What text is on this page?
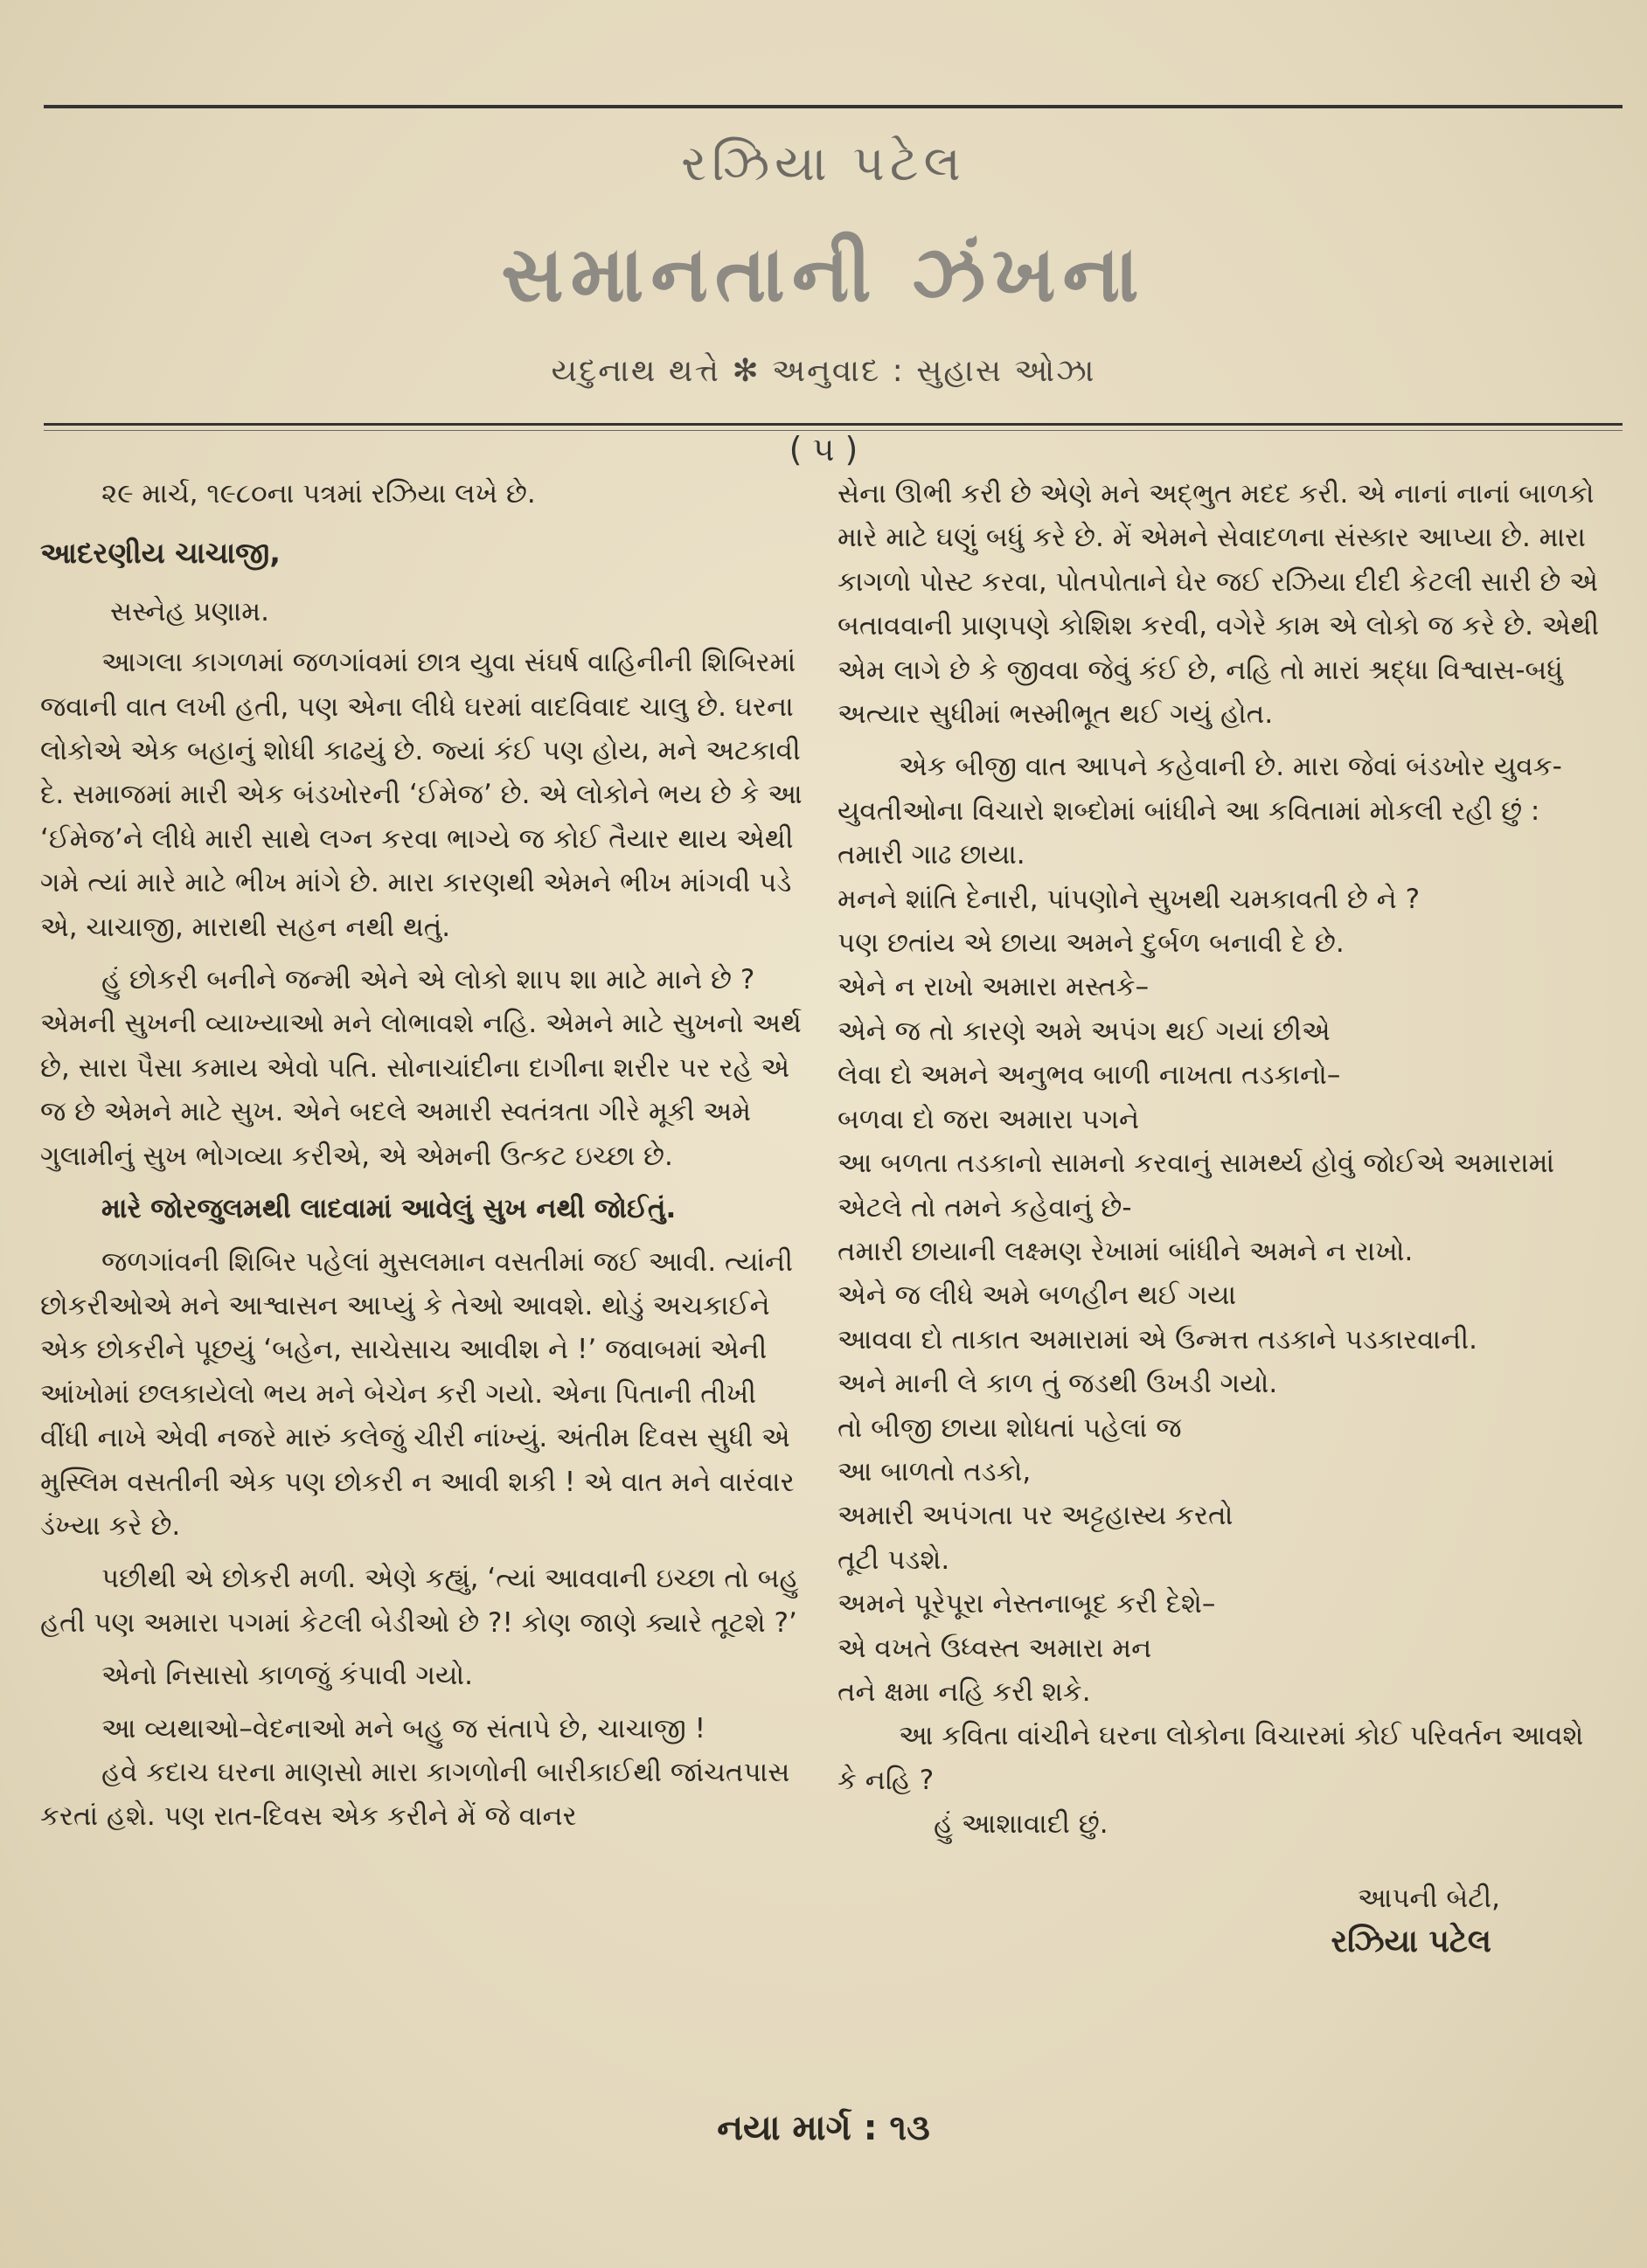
રઝિયા પટેલ
સમાનતાની ઝંખના
યદુનાથ થત્તે ✻ અનુવાદ : સુહાસ ઓઝા
( ૫ )

૨૯ માર્ચ, ૧૯૮૦ના પત્રમાં રઝિયા લખે છે.

આદરણીય ચાચાજી,

સસ્નેહ પ્રણામ.

આગલા કાગળમાં જળગાંવમાં છાત્ર યુવા સંઘર્ષ વાહિનીની શિબિરમાં જવાની વાત લખી હતી, પણ એના લીધે ઘરમાં વાદવિવાદ ચાલુ છે. ઘરના લોકોએ એક બહાનું શોધી કાઢયું છે. જ્યાં કંઈ પણ હોય, મને અટકાવી દે. સમાજમાં મારી એક બંડખોરની ‘ઈમેજ’ છે. એ લોકોને ભય છે કે આ ‘ઈમેજ’ને લીધે મારી સાથે લગ્ન કરવા ભાગ્યે જ કોઈ તૈયાર થાય એથી ગમે ત્યાં મારે માટે ભીખ માંગે છે. મારા કારણથી એમને ભીખ માંગવી પડે એ, ચાચાજી, મારાથી સહન નથી થતું.

હું છોકરી બનીને જન્મી એને એ લોકો શાપ શા માટે માને છે ? એમની સુખની વ્યાખ્યાઓ મને લોભાવશે નહિ. એમને માટે સુખનો અર્થ છે, સારા પૈસા કમાય એવો પતિ. સોનાચાંદીના દાગીના શરીર પર રહે એ જ છે એમને માટે સુખ. એને બદલે અમારી સ્વતંત્રતા ગીરે મૂકી અમે ગુલામીનું સુખ ભોગવ્યા કરીએ, એ એમની ઉત્કટ ઇચ્છા છે.

મારે જોરજુલમથી લાદવામાં આવેલું સુખ નથી જોઈતું.

જળગાંવની શિબિર પહેલાં મુસલમાન વસતીમાં જઈ આવી. ત્યાંની છોકરીઓએ મને આશ્વાસન આપ્યું કે તેઓ આવશે. થોડું અચકાઈને એક છોકરીને પૂછયું ‘બહેન, સાચેસાચ આવીશ ને !’ જવાબમાં એની આંખોમાં છલકાયેલો ભય મને બેચેન કરી ગયો. એના પિતાની તીખી વીંધી નાખે એવી નજરે મારું કલેજું ચીરી નાંખ્યું. અંતીમ દિવસ સુધી એ મુસ્લિમ વસતીની એક પણ છોકરી ન આવી શકી ! એ વાત મને વારંવાર ડંખ્યા કરે છે.

પછીથી એ છોકરી મળી. એણે કહ્યું, ‘ત્યાં આવવાની ઇચ્છા તો બહુ હતી પણ અમારા પગમાં કેટલી બેડીઓ છે ?! કોણ જાણે ક્યારે તૂટશે ?’

એનો નિસાસો કાળજું કંપાવી ગયો.

આ વ્યથાઓ–વેદનાઓ મને બહુ જ સંતાપે છે, ચાચાજી !

હવે કદાચ ઘરના માણસો મારા કાગળોની બારીકાઈથી જાંચતપાસ કરતાં હશે. પણ રાત-દિવસ એક કરીને મેં જે વાનર

સેના ઊભી કરી છે એણે મને અદ્ભુત મદદ કરી. એ નાનાં નાનાં બાળકો મારે માટે ઘણું બધું કરે છે. મેં એમને સેવાદળના સંસ્કાર આપ્યા છે. મારા કાગળો પોસ્ટ કરવા, પોતપોતાને ઘેર જઈ રઝિયા દીદી કેટલી સારી છે એ બતાવવાની પ્રાણપણે કોશિશ કરવી, વગેરે કામ એ લોકો જ કરે છે. એથી એમ લાગે છે કે જીવવા જેવું કંઈ છે, નહિ તો મારાં શ્રદ્ધા વિશ્વાસ-બધું અત્યાર સુધીમાં ભસ્મીભૂત થઈ ગયું હોત.

એક બીજી વાત આપને કહેવાની છે. મારા જેવાં બંડખોર યુવક-યુવતીઓના વિચારો શબ્દોમાં બાંધીને આ કવિતામાં મોકલી રહી છું :

તમારી ગાઢ છાયા.

મનને શાંતિ દેનારી, પાંપણોને સુખથી ચમકાવતી છે ને ?

પણ છતાંય એ છાયા અમને દુર્બળ બનાવી દે છે.

એને ન રાખો અમારા મસ્તકે–

એને જ તો કારણે અમે અપંગ થઈ ગયાં છીએ

લેવા દો અમને અનુભવ બાળી નાખતા તડકાનો–

બળવા દો જરા અમારા પગને

આ બળતા તડકાનો સામનો કરવાનું સામર્થ્ય હોવું જોઈએ અમારામાં

એટલે તો તમને કહેવાનું છે-

તમારી છાયાની લક્ષ્મણ રેખામાં બાંધીને અમને ન રાખો.

એને જ લીધે અમે બળહીન થઈ ગયા

આવવા દો તાકાત અમારામાં એ ઉન્મત્ત તડકાને પડકારવાની.

અને માની લે કાળ તું જડથી ઉખડી ગયો.

તો બીજી છાયા શોધતાં પહેલાં જ

આ બાળતો તડકો,

અમારી અપંગતા પર અટ્ટહાસ્ય કરતો

તૂટી પડશે.

અમને પૂરેપૂરા નેસ્તનાબૂદ કરી દેશે–

એ વખતે ઉધ્વસ્ત અમારા મન

તને ક્ષમા નહિ કરી શકે.

આ કવિતા વાંચીને ઘરના લોકોના વિચારમાં કોઈ પરિવર્તન આવશે કે નહિ ?

હું આશાવાદી છું.

આપની બેટી,

રઝિયા પટેલ

નયા માર્ગ : ૧૩
